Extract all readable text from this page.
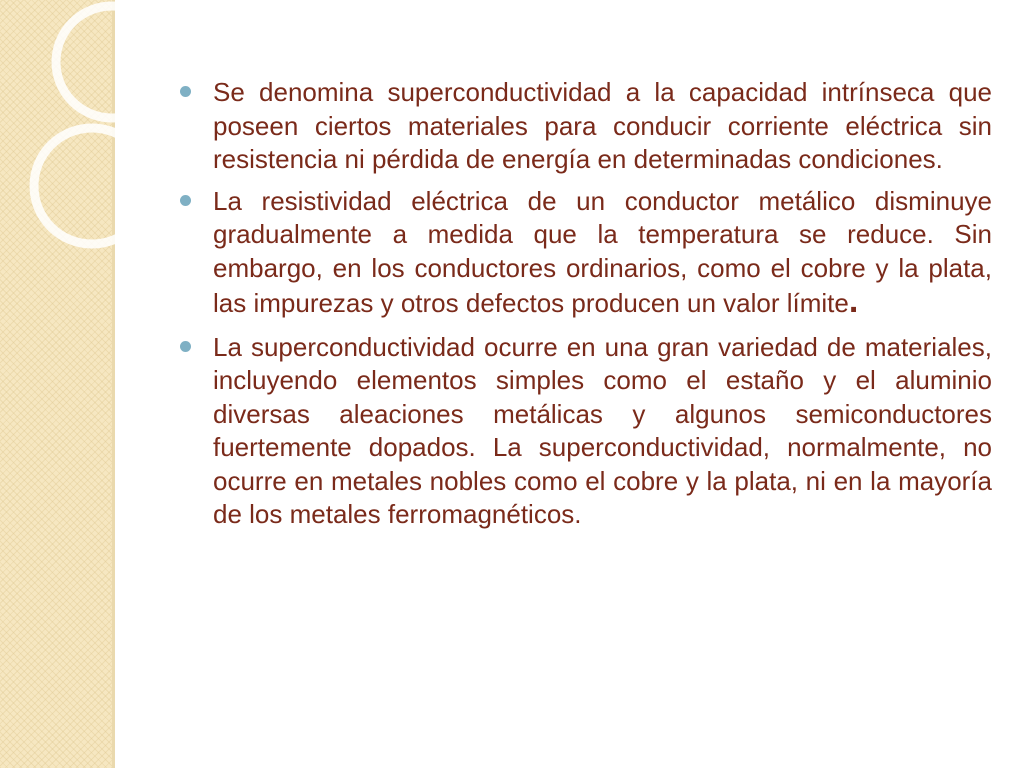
Se denomina superconductividad a la capacidad intrínseca que poseen ciertos materiales para conducir corriente eléctrica sin resistencia ni pérdida de energía en determinadas condiciones.
La resistividad eléctrica de un conductor metálico disminuye gradualmente a medida que la temperatura se reduce. Sin embargo, en los conductores ordinarios, como el cobre y la plata, las impurezas y otros defectos producen un valor límite.
La superconductividad ocurre en una gran variedad de materiales, incluyendo elementos simples como el estaño y el aluminio diversas aleaciones metálicas y algunos semiconductores fuertemente dopados. La superconductividad, normalmente, no ocurre en metales nobles como el cobre y la plata, ni en la mayoría de los metales ferromagnéticos.
